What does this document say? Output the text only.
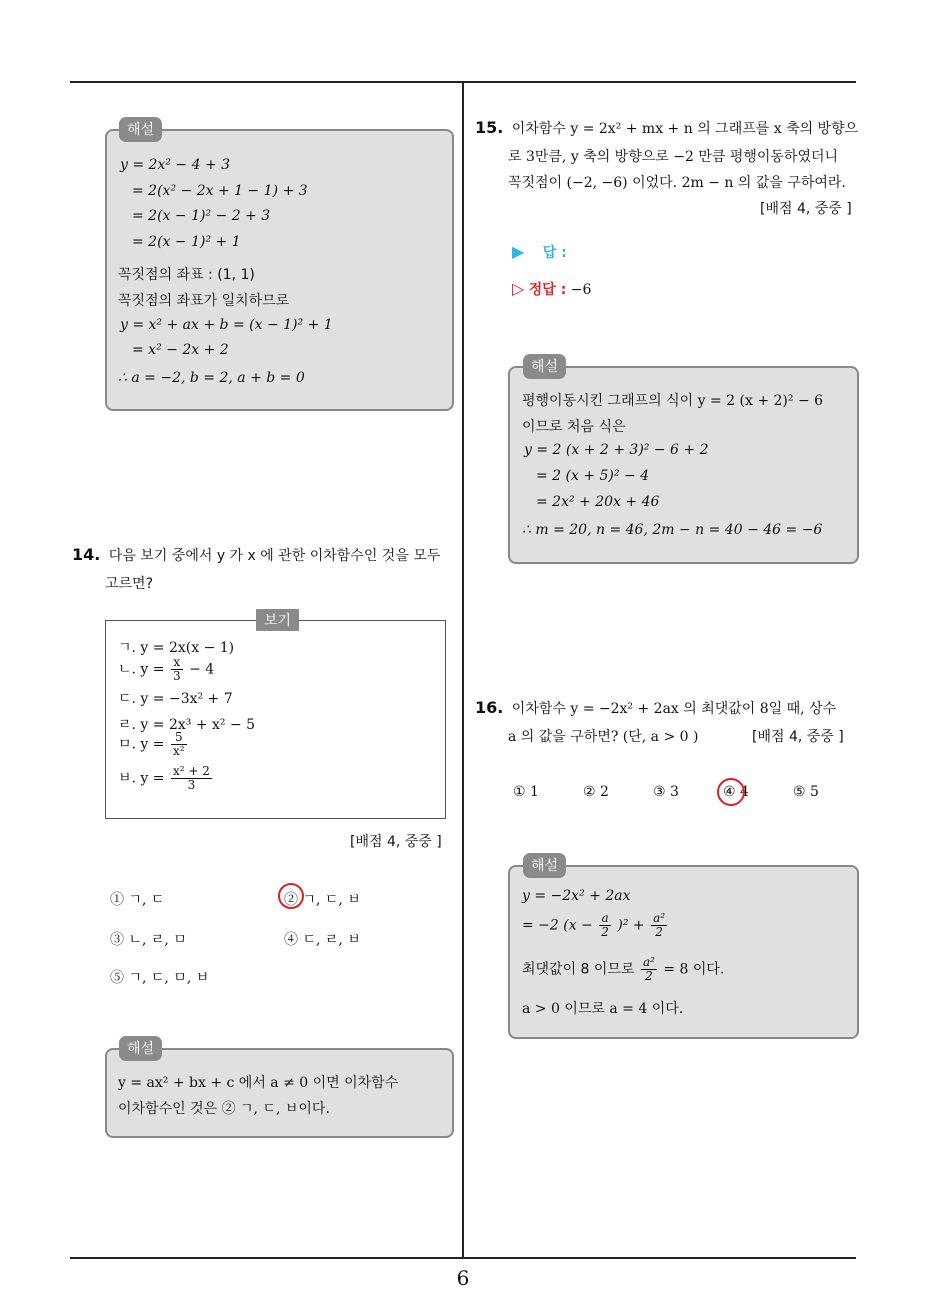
6
해설
y = 2x² − 4 + 3
= 2(x² − 2x + 1 − 1) + 3
= 2(x − 1)² − 2 + 3
= 2(x − 1)² + 1
꼭짓점의 좌표 : (1, 1)
꼭짓점의 좌표가 일치하므로
y = x² + ax + b = (x − 1)² + 1
= x² − 2x + 2
∴ a = −2, b = 2, a + b = 0
14. 다음 보기 중에서 y 가 x 에 관한 이차함수인 것을 모두
고르면?
보기
ㄱ. y = 2x(x − 1)
ㄴ. $y = \frac{x}{3} - 4$
ㄷ. y = −3x² + 7
ㄹ. y = 2x³ + x² − 5
ㅁ. $y = \frac{5}{\text{x²}}$
ㅂ. $y = \frac{\text{x² + 2}}{3}$
[배점 4, 중중 ]
① ㄱ, ㄷ	② ㄱ, ㄷ, ㅂ
③ ㄴ, ㄹ, ㅁ	④ ㄷ, ㄹ, ㅂ
⑤ ㄱ, ㄷ, ㅁ, ㅂ
해설
y = ax² + bx + c 에서 a ≠ 0 이면 이차함수
이차함수인 것은 ② ㄱ, ㄷ, ㅂ이다.
15. 이차함수 y = 2x² + mx + n 의 그래프를 x 축의 방향으
로 3만큼, y 축의 방향으로 −2 만큼 평행이동하였더니
꼭짓점이 (−2, −6) 이었다. 2m − n 의 값을 구하여라.
[배점 4, 중중 ]
▶ 답 :
▷ 정답 : −6
해설
평행이동시킨 그래프의 식이 y = 2 (x + 2)² − 6
이므로 처음 식은
y = 2 (x + 2 + 3)² − 6 + 2
= 2 (x + 5)² − 4
= 2x² + 20x + 46
∴ m = 20, n = 46, 2m − n = 40 − 46 = −6
16. 이차함수 y = −2x² + 2ax 의 최댓값이 8일 때, 상수
a 의 값을 구하면? (단, a > 0 )	[배점 4, 중중 ]
① 1	② 2	③ 3	④ 4	⑤ 5
해설
y = −2x² + 2ax
= −2 $(x - \frac{a}{2} )^2 + \frac{\text{a²}}{2}$
최댓값이 8 이므로 $\frac{\text{a²}}{2} = 8$ 이다.
a > 0 이므로 a = 4 이다.
